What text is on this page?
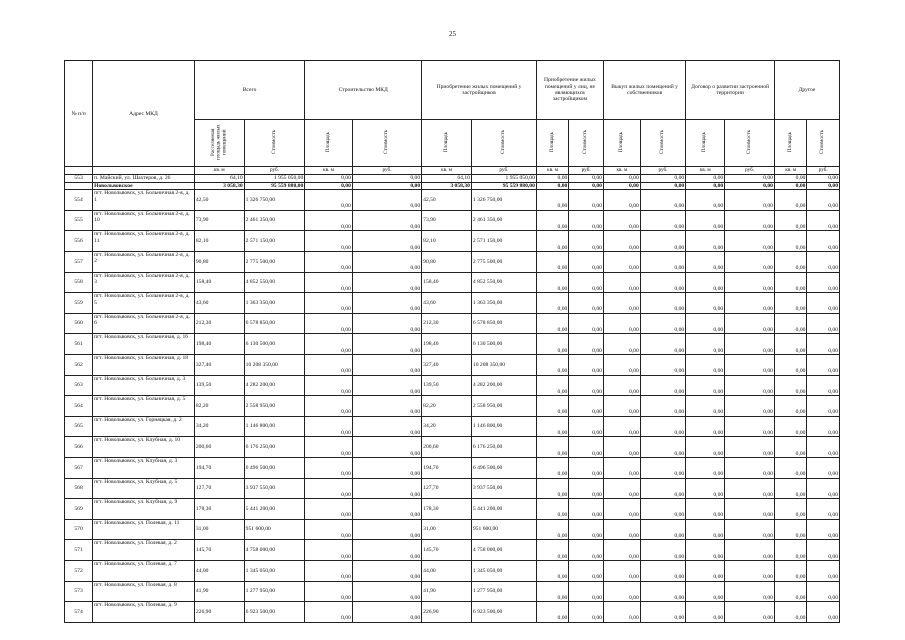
25
№ п/п	Адрес МКД	Всего		Строительство МКД		Приобретение жилых помещений у застройщиков		Приобретение жилых помещений у лиц, не являющихся застройщиком		Выкуп жилых помещений у собственников		Договор о развитии застроенной территории		Другое	
		Расселяемая площадь жилых помещений	Стоимость	Площадь	Стоимость	Площадь	Стоимость	Площадь	Стоимость	Площадь	Стоимость	Площадь	Стоимость	Площадь	Стоимость
		кв. м	руб.	кв. м	руб.	кв. м	руб.	кв. м	руб.	кв. м	руб.	кв. м	руб.	кв. м	руб.
553	п. Майский, ул. Шахтеров, д. 26	64,10	1 955 050,00	0,00	0,00	64,10	1 955 050,00	0,00	0,00	0,00	0,00	0,00	0,00	0,00	0,00
	Новольвовское	3 058,30	95 559 880,00	0,00	0,00	3 058,30	95 559 880,00	0,00	0,00	0,00	0,00	0,00	0,00	0,00	0,00
554	пгт. Новольвовск, ул. Больничная 2-я, д. 1	42,50	1 326 750,00	0,00	0,00	42,50	1 326 750,00	0,00	0,00	0,00	0,00	0,00	0,00	0,00	0,00
555	пгт. Новольвовск, ул. Больничная 2-я, д. 10	73,90	2 461 350,00	0,00	0,00	73,90	2 461 350,00	0,00	0,00	0,00	0,00	0,00	0,00	0,00	0,00
556	пгт. Новольвовск, ул. Больничная 2-я, д. 11	82,10	2 571 150,00	0,00	0,00	82,10	2 571 150,00	0,00	0,00	0,00	0,00	0,00	0,00	0,00	0,00
557	пгт. Новольвовск, ул. Больничная 2-я, д. 2	90,80	2 775 500,00	0,00	0,00	90,80	2 775 500,00	0,00	0,00	0,00	0,00	0,00	0,00	0,00	0,00
558	пгт. Новольвовск, ул. Больничная 2-я, д. 3	158,40	4 852 550,00	0,00	0,00	158,40	4 852 550,00	0,00	0,00	0,00	0,00	0,00	0,00	0,00	0,00
559	пгт. Новольвовск, ул. Больничная 2-я, д. 5	43,60	1 363 350,00	0,00	0,00	43,60	1 363 350,00	0,00	0,00	0,00	0,00	0,00	0,00	0,00	0,00
560	пгт. Новольвовск, ул. Больничная 2-я, д. 6	212,30	6 578 850,00	0,00	0,00	212,30	6 578 850,00	0,00	0,00	0,00	0,00	0,00	0,00	0,00	0,00
561	пгт. Новольвовск, ул. Больничная, д. 16	198,40	6 130 500,00	0,00	0,00	198,40	6 130 500,00	0,00	0,00	0,00	0,00	0,00	0,00	0,00	0,00
562	пгт. Новольвовск, ул. Больничная, д. 18	327,40	10 208 350,00	0,00	0,00	327,40	10 208 350,00	0,00	0,00	0,00	0,00	0,00	0,00	0,00	0,00
563	пгт. Новольвовск, ул. Больничная, д. 3	139,50	4 282 200,00	0,00	0,00	139,50	4 282 200,00	0,00	0,00	0,00	0,00	0,00	0,00	0,00	0,00
564	пгт. Новольвовск, ул. Больничная, д. 5	82,20	2 558 950,00	0,00	0,00	82,20	2 558 950,00	0,00	0,00	0,00	0,00	0,00	0,00	0,00	0,00
565	пгт. Новольвовск, ул. Горняцкая, д. 2	34,20	1 146 800,00	0,00	0,00	34,20	1 146 800,00	0,00	0,00	0,00	0,00	0,00	0,00	0,00	0,00
566	пгт. Новольвовск, ул. Клубная, д. 10	200,60	6 176 250,00	0,00	0,00	200,60	6 176 250,00	0,00	0,00	0,00	0,00	0,00	0,00	0,00	0,00
567	пгт. Новольвовск, ул. Клубная, д. 3	194,70	6 496 500,00	0,00	0,00	194,70	6 496 500,00	0,00	0,00	0,00	0,00	0,00	0,00	0,00	0,00
568	пгт. Новольвовск, ул. Клубная, д. 5	127,70	3 937 550,00	0,00	0,00	127,70	3 937 550,00	0,00	0,00	0,00	0,00	0,00	0,00	0,00	0,00
569	пгт. Новольвовск, ул. Клубная, д. 9	178,30	5 441 200,00	0,00	0,00	178,30	5 441 200,00	0,00	0,00	0,00	0,00	0,00	0,00	0,00	0,00
570	пгт. Новольвовск, ул. Полевая, д. 11	31,00	951 600,00	0,00	0,00	31,00	951 600,00	0,00	0,00	0,00	0,00	0,00	0,00	0,00	0,00
571	пгт. Новольвовск, ул. Полевая, д. 2	145,70	4 758 000,00	0,00	0,00	145,70	4 758 000,00	0,00	0,00	0,00	0,00	0,00	0,00	0,00	0,00
572	пгт. Новольвовск, ул. Полевая, д. 7	44,00	1 345 050,00	0,00	0,00	44,00	1 345 050,00	0,00	0,00	0,00	0,00	0,00	0,00	0,00	0,00
573	пгт. Новольвовск, ул. Полевая, д. 8	41,90	1 277 950,00	0,00	0,00	41,90	1 277 950,00	0,00	0,00	0,00	0,00	0,00	0,00	0,00	0,00
574	пгт. Новольвовск, ул. Полевая, д. 9	226,90	6 923 500,00	0,00	0,00	226,90	6 923 500,00	0,00	0,00	0,00	0,00	0,00	0,00	0,00	0,00
